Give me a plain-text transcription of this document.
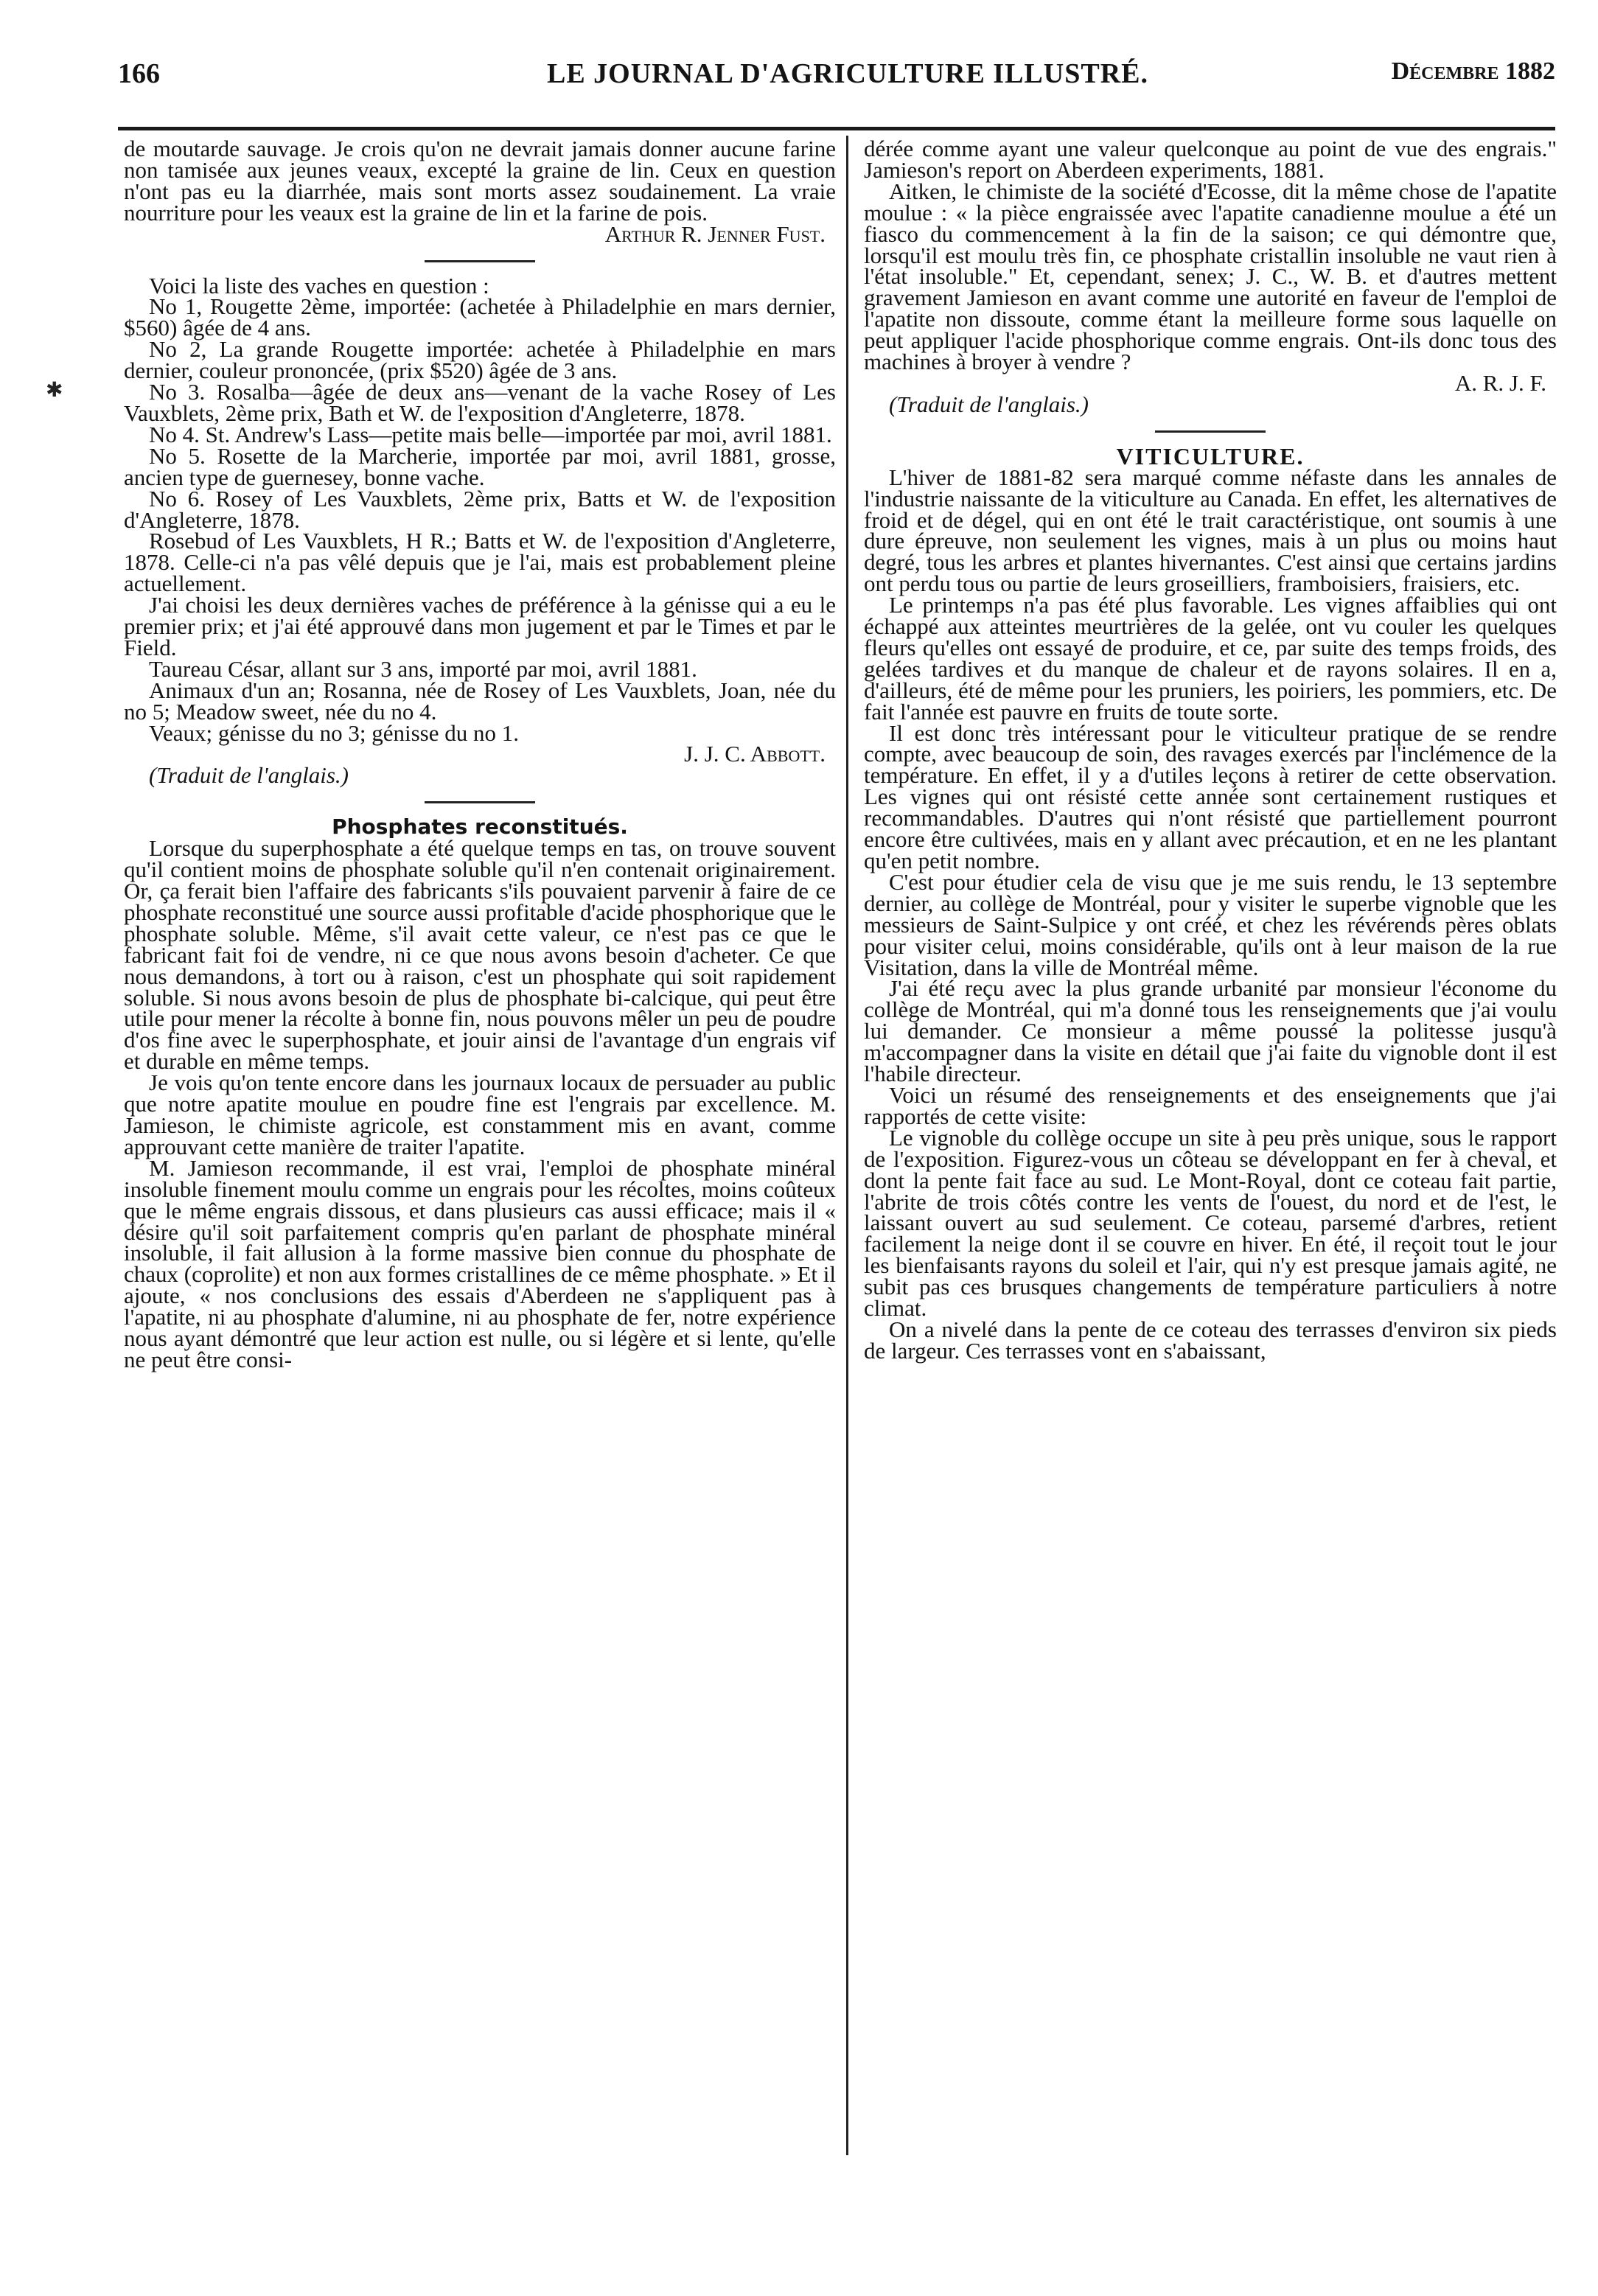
166	LE JOURNAL D'AGRICULTURE ILLUSTRÉ.	Décembre 1882
✱

de moutarde sauvage. Je crois qu'on ne devrait jamais donner aucune farine non tamisée aux jeunes veaux, excepté la graine de lin. Ceux en question n'ont pas eu la diarrhée, mais sont morts assez soudainement. La vraie nourriture pour les veaux est la graine de lin et la farine de pois.

Arthur R. Jenner Fust.

Voici la liste des vaches en question :

No 1, Rougette 2ème, importée: (achetée à Philadelphie en mars dernier, $560) âgée de 4 ans.

No 2, La grande Rougette importée: achetée à Philadelphie en mars dernier, couleur prononcée, (prix $520) âgée de 3 ans.

No 3. Rosalba—âgée de deux ans—venant de la vache Rosey of Les Vauxblets, 2ème prix, Bath et W. de l'exposition d'Angleterre, 1878.

No 4. St. Andrew's Lass—petite mais belle—importée par moi, avril 1881.

No 5. Rosette de la Marcherie, importée par moi, avril 1881, grosse, ancien type de guernesey, bonne vache.

No 6. Rosey of Les Vauxblets, 2ème prix, Batts et W. de l'exposition d'Angleterre, 1878.

Rosebud of Les Vauxblets, H R.; Batts et W. de l'exposition d'Angleterre, 1878. Celle-ci n'a pas vêlé depuis que je l'ai, mais est probablement pleine actuellement.

J'ai choisi les deux dernières vaches de préférence à la génisse qui a eu le premier prix; et j'ai été approuvé dans mon jugement et par le Times et par le Field.

Taureau César, allant sur 3 ans, importé par moi, avril 1881.

Animaux d'un an; Rosanna, née de Rosey of Les Vauxblets, Joan, née du no 5; Meadow sweet, née du no 4.

Veaux; génisse du no 3; génisse du no 1.

J. J. C. Abbott.

(Traduit de l'anglais.)

Phosphates reconstitués.

Lorsque du superphosphate a été quelque temps en tas, on trouve souvent qu'il contient moins de phosphate soluble qu'il n'en contenait originairement. Or, ça ferait bien l'affaire des fabricants s'ils pouvaient parvenir à faire de ce phosphate reconstitué une source aussi profitable d'acide phosphorique que le phosphate soluble. Même, s'il avait cette valeur, ce n'est pas ce que le fabricant fait foi de vendre, ni ce que nous avons besoin d'acheter. Ce que nous demandons, à tort ou à raison, c'est un phosphate qui soit rapidement soluble. Si nous avons besoin de plus de phosphate bi-calcique, qui peut être utile pour mener la récolte à bonne fin, nous pouvons mêler un peu de poudre d'os fine avec le superphosphate, et jouir ainsi de l'avantage d'un engrais vif et durable en même temps.

Je vois qu'on tente encore dans les journaux locaux de persuader au public que notre apatite moulue en poudre fine est l'engrais par excellence. M. Jamieson, le chimiste agricole, est constamment mis en avant, comme approuvant cette manière de traiter l'apatite.

M. Jamieson recommande, il est vrai, l'emploi de phosphate minéral insoluble finement moulu comme un engrais pour les récoltes, moins coûteux que le même engrais dissous, et dans plusieurs cas aussi efficace; mais il « désire qu'il soit parfaitement compris qu'en parlant de phosphate minéral insoluble, il fait allusion à la forme massive bien connue du phosphate de chaux (coprolite) et non aux formes cristallines de ce même phosphate. » Et il ajoute, « nos conclusions des essais d'Aberdeen ne s'appliquent pas à l'apatite, ni au phosphate d'alumine, ni au phosphate de fer, notre expérience nous ayant démontré que leur action est nulle, ou si légère et si lente, qu'elle ne peut être consi-

dérée comme ayant une valeur quelconque au point de vue des engrais." Jamieson's report on Aberdeen experiments, 1881.

Aitken, le chimiste de la société d'Ecosse, dit la même chose de l'apatite moulue : « la pièce engraissée avec l'apatite canadienne moulue a été un fiasco du commencement à la fin de la saison; ce qui démontre que, lorsqu'il est moulu très fin, ce phosphate cristallin insoluble ne vaut rien à l'état insoluble." Et, cependant, senex; J. C., W. B. et d'autres mettent gravement Jamieson en avant comme une autorité en faveur de l'emploi de l'apatite non dissoute, comme étant la meilleure forme sous laquelle on peut appliquer l'acide phosphorique comme engrais. Ont-ils donc tous des machines à broyer à vendre ?

A. R. J. F.

(Traduit de l'anglais.)

VITICULTURE.

L'hiver de 1881-82 sera marqué comme néfaste dans les annales de l'industrie naissante de la viticulture au Canada. En effet, les alternatives de froid et de dégel, qui en ont été le trait caractéristique, ont soumis à une dure épreuve, non seulement les vignes, mais à un plus ou moins haut degré, tous les arbres et plantes hivernantes. C'est ainsi que certains jardins ont perdu tous ou partie de leurs groseilliers, framboisiers, fraisiers, etc.

Le printemps n'a pas été plus favorable. Les vignes affaiblies qui ont échappé aux atteintes meurtrières de la gelée, ont vu couler les quelques fleurs qu'elles ont essayé de produire, et ce, par suite des temps froids, des gelées tardives et du manque de chaleur et de rayons solaires. Il en a, d'ailleurs, été de même pour les pruniers, les poiriers, les pommiers, etc. De fait l'année est pauvre en fruits de toute sorte.

Il est donc très intéressant pour le viticulteur pratique de se rendre compte, avec beaucoup de soin, des ravages exercés par l'inclémence de la température. En effet, il y a d'utiles leçons à retirer de cette observation. Les vignes qui ont résisté cette année sont certainement rustiques et recommandables. D'autres qui n'ont résisté que partiellement pourront encore être cultivées, mais en y allant avec précaution, et en ne les plantant qu'en petit nombre.

C'est pour étudier cela de visu que je me suis rendu, le 13 septembre dernier, au collège de Montréal, pour y visiter le superbe vignoble que les messieurs de Saint-Sulpice y ont créé, et chez les révérends pères oblats pour visiter celui, moins considérable, qu'ils ont à leur maison de la rue Visitation, dans la ville de Montréal même.

J'ai été reçu avec la plus grande urbanité par monsieur l'économe du collège de Montréal, qui m'a donné tous les renseignements que j'ai voulu lui demander. Ce monsieur a même poussé la politesse jusqu'à m'accompagner dans la visite en détail que j'ai faite du vignoble dont il est l'habile directeur.

Voici un résumé des renseignements et des enseignements que j'ai rapportés de cette visite:

Le vignoble du collège occupe un site à peu près unique, sous le rapport de l'exposition. Figurez-vous un côteau se développant en fer à cheval, et dont la pente fait face au sud. Le Mont-Royal, dont ce coteau fait partie, l'abrite de trois côtés contre les vents de l'ouest, du nord et de l'est, le laissant ouvert au sud seulement. Ce coteau, parsemé d'arbres, retient facilement la neige dont il se couvre en hiver. En été, il reçoit tout le jour les bienfaisants rayons du soleil et l'air, qui n'y est presque jamais agité, ne subit pas ces brusques changements de température particuliers à notre climat.

On a nivelé dans la pente de ce coteau des terrasses d'environ six pieds de largeur. Ces terrasses vont en s'abaissant,
